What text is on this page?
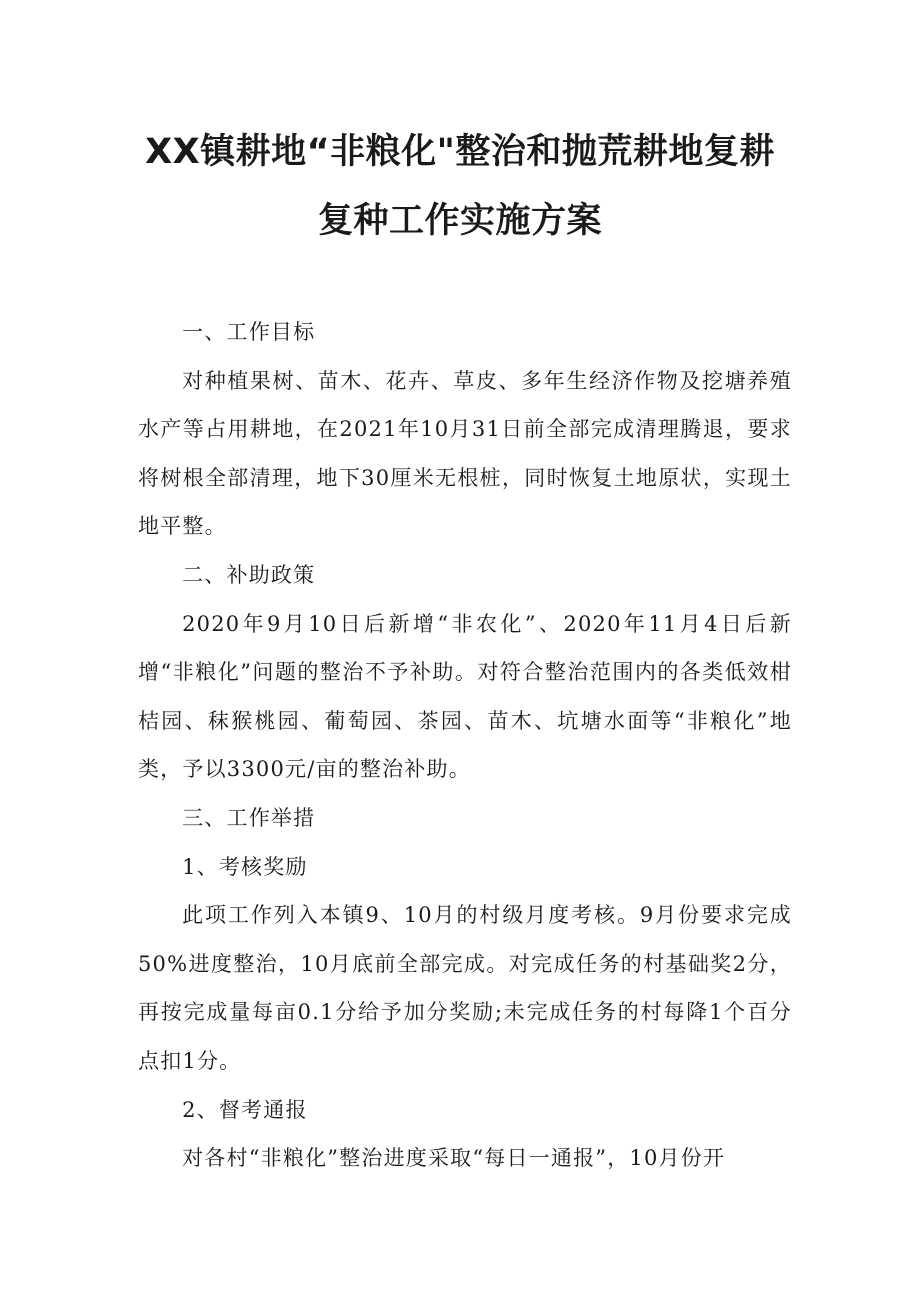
XX镇耕地“非粮化"整治和抛荒耕地复耕
复种工作实施方案

一、工作目标

对种植果树、苗木、花卉、草皮、多年生经济作物及挖塘养殖水产等占用耕地，在2021年10月31日前全部完成清理腾退，要求将树根全部清理，地下30厘米无根桩，同时恢复土地原状，实现土地平整。

二、补助政策

2020年9月10日后新增“非农化”、2020年11月4日后新增“非粮化”问题的整治不予补助。对符合整治范围内的各类低效柑桔园、秣猴桃园、葡萄园、茶园、苗木、坑塘水面等“非粮化”地类，予以3300元/亩的整治补助。

三、工作举措

1、考核奖励

此项工作列入本镇9、10月的村级月度考核。9月份要求完成50%进度整治，10月底前全部完成。对完成任务的村基础奖2分，再按完成量每亩0.1分给予加分奖励;未完成任务的村每降1个百分点扣1分。

2、督考通报

对各村“非粮化”整治进度采取“每日一通报”，10月份开
